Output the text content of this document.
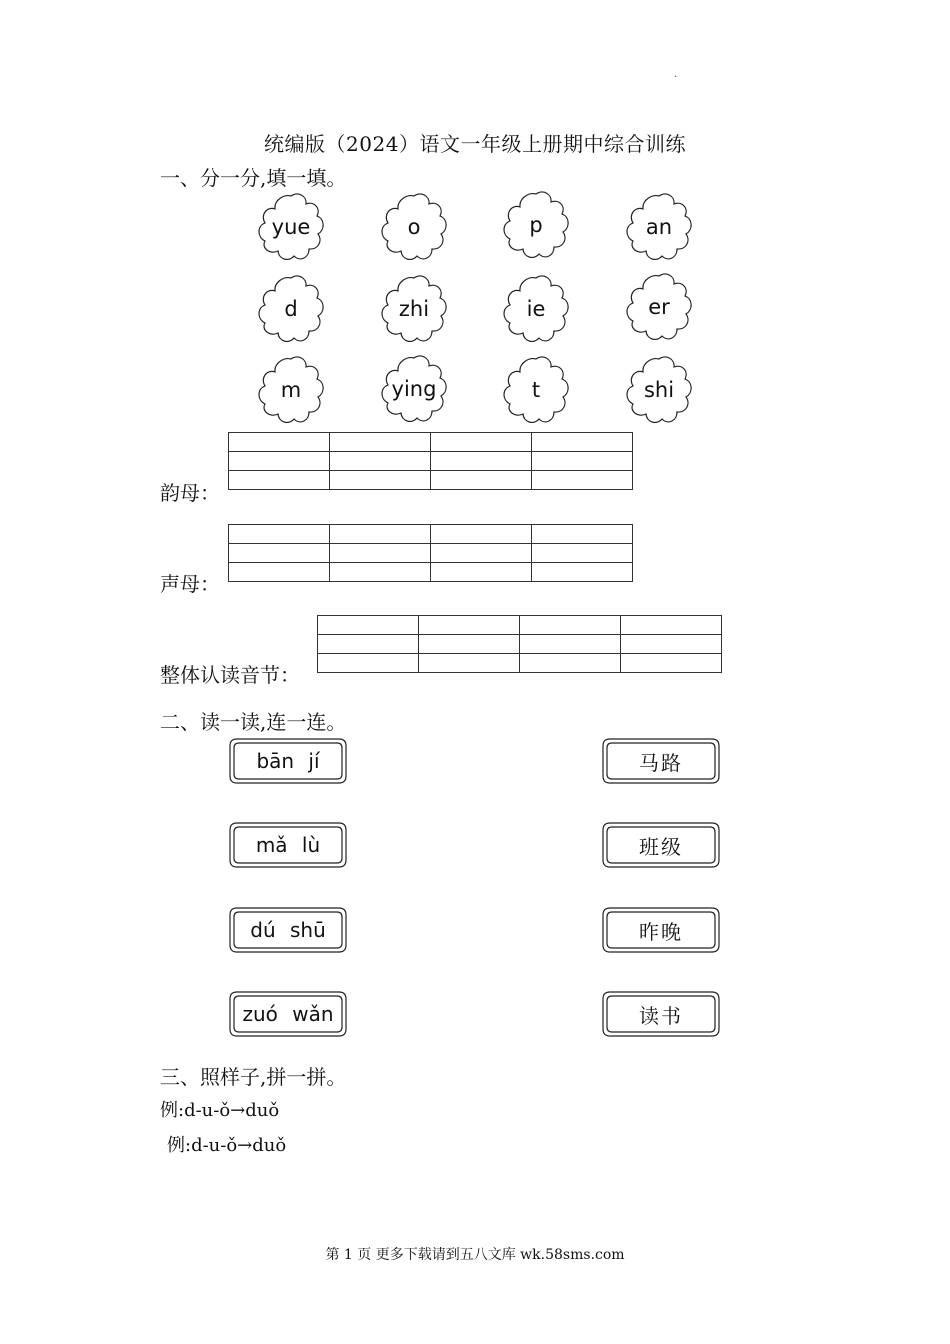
·
统编版（2024）语文一年级上册期中综合训练
一、分一分,填一填。
yue	o	p	an
d	zhi	ie	er
m	ying	t	shi

韵母：

声母：

整体认读音节：
二、读一读,连一连。
bān jí
mǎ lù
dú shū
zuó wǎn
马路
班级
昨晚
读书
三、照样子,拼一拼。
例:d-u-ǒ→duǒ
例:d-u-ǒ→duǒ
第 1 页 更多下载请到五八文库 wk.58sms.com
